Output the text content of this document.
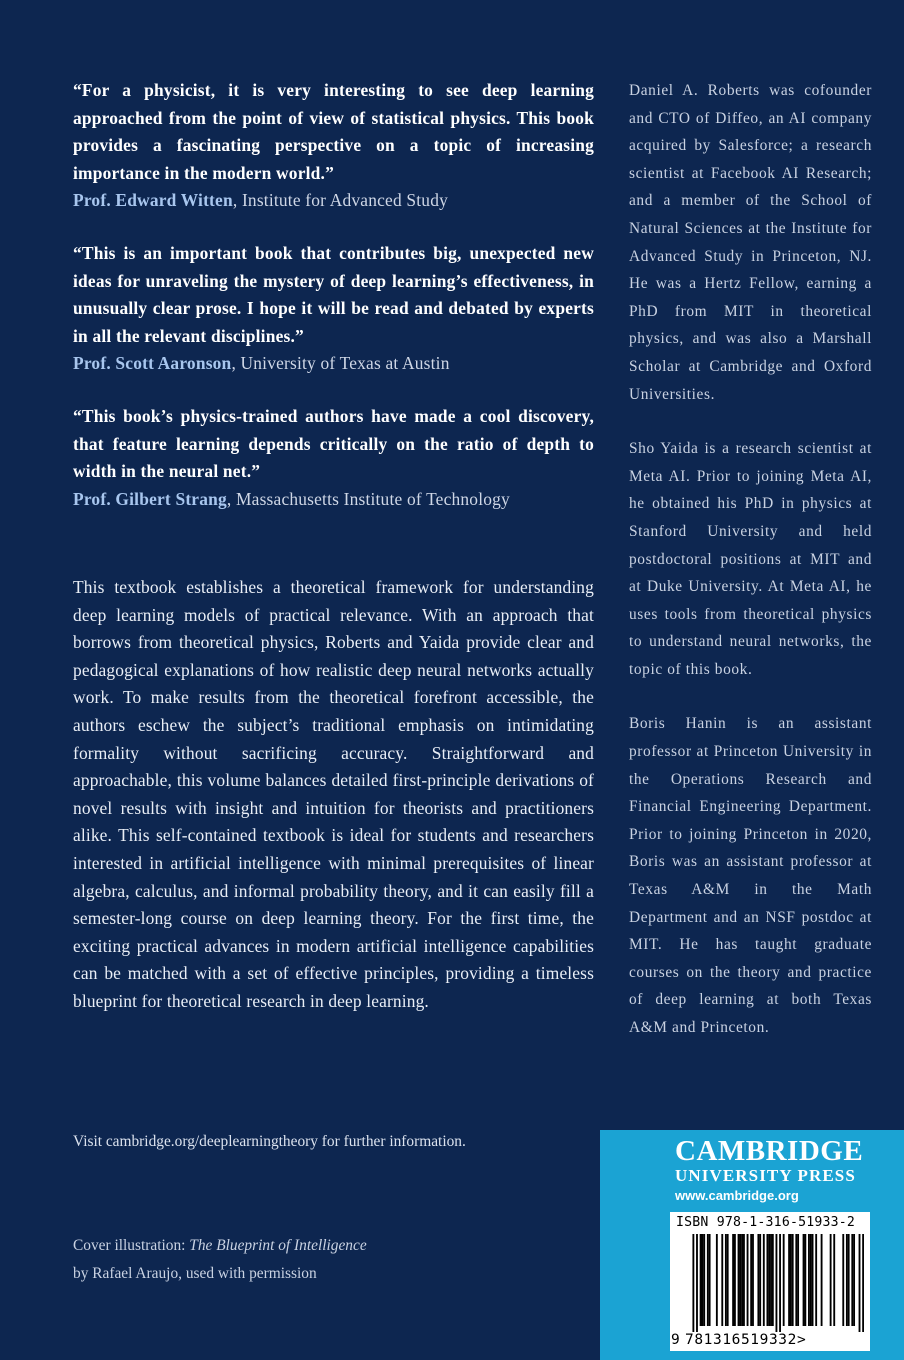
“For a physicist, it is very interesting to see deep learning approached from the point of view of statistical physics. This book provides a fascinating perspective on a topic of increasing importance in the modern world.”

Prof. Edward Witten, Institute for Advanced Study

“This is an important book that contributes big, unexpected new ideas for unraveling the mystery of deep learning’s effectiveness, in unusually clear prose. I hope it will be read and debated by experts in all the relevant disciplines.”

Prof. Scott Aaronson, University of Texas at Austin

“This book’s physics-trained authors have made a cool discovery, that feature learning depends critically on the ratio of depth to width in the neural net.”

Prof. Gilbert Strang, Massachusetts Institute of Technology

This textbook establishes a theoretical framework for understanding deep learning models of practical relevance. With an approach that borrows from theoretical physics, Roberts and Yaida provide clear and pedagogical explanations of how realistic deep neural networks actually work. To make results from the theoretical forefront accessible, the authors eschew the subject’s traditional emphasis on intimidating formality without sacrificing accuracy. Straightforward and approachable, this volume balances detailed first-principle derivations of novel results with insight and intuition for theorists and practitioners alike. This self-contained textbook is ideal for students and researchers interested in artificial intelligence with minimal prerequisites of linear algebra, calculus, and informal probability theory, and it can easily fill a semester-long course on deep learning theory. For the first time, the exciting practical advances in modern artificial intelligence capabilities can be matched with a set of effective principles, providing a timeless blueprint for theoretical research in deep learning.

Daniel A. Roberts was cofounder and CTO of Diffeo, an AI company acquired by Salesforce; a research scientist at Facebook AI Research; and a member of the School of Natural Sciences at the Institute for Advanced Study in Princeton, NJ. He was a Hertz Fellow, earning a PhD from MIT in theoretical physics, and was also a Marshall Scholar at Cambridge and Oxford Universities.

Sho Yaida is a research scientist at Meta AI. Prior to joining Meta AI, he obtained his PhD in physics at Stanford University and held postdoctoral positions at MIT and at Duke University. At Meta AI, he uses tools from theoretical physics to understand neural networks, the topic of this book.

Boris Hanin is an assistant professor at Princeton University in the Operations Research and Financial Engineering Department. Prior to joining Princeton in 2020, Boris was an assistant professor at Texas A&M in the Math Department and an NSF postdoc at MIT. He has taught graduate courses on the theory and practice of deep learning at both Texas A&M and Princeton.

Visit cambridge.org/deeplearningtheory for further information.

Cover illustration: The Blueprint of Intelligence
by Rafael Araujo, used with permission

CAMBRIDGE

UNIVERSITY PRESS

www.cambridge.org

ISBN 978-1-316-51933-2

9 781316519332>
